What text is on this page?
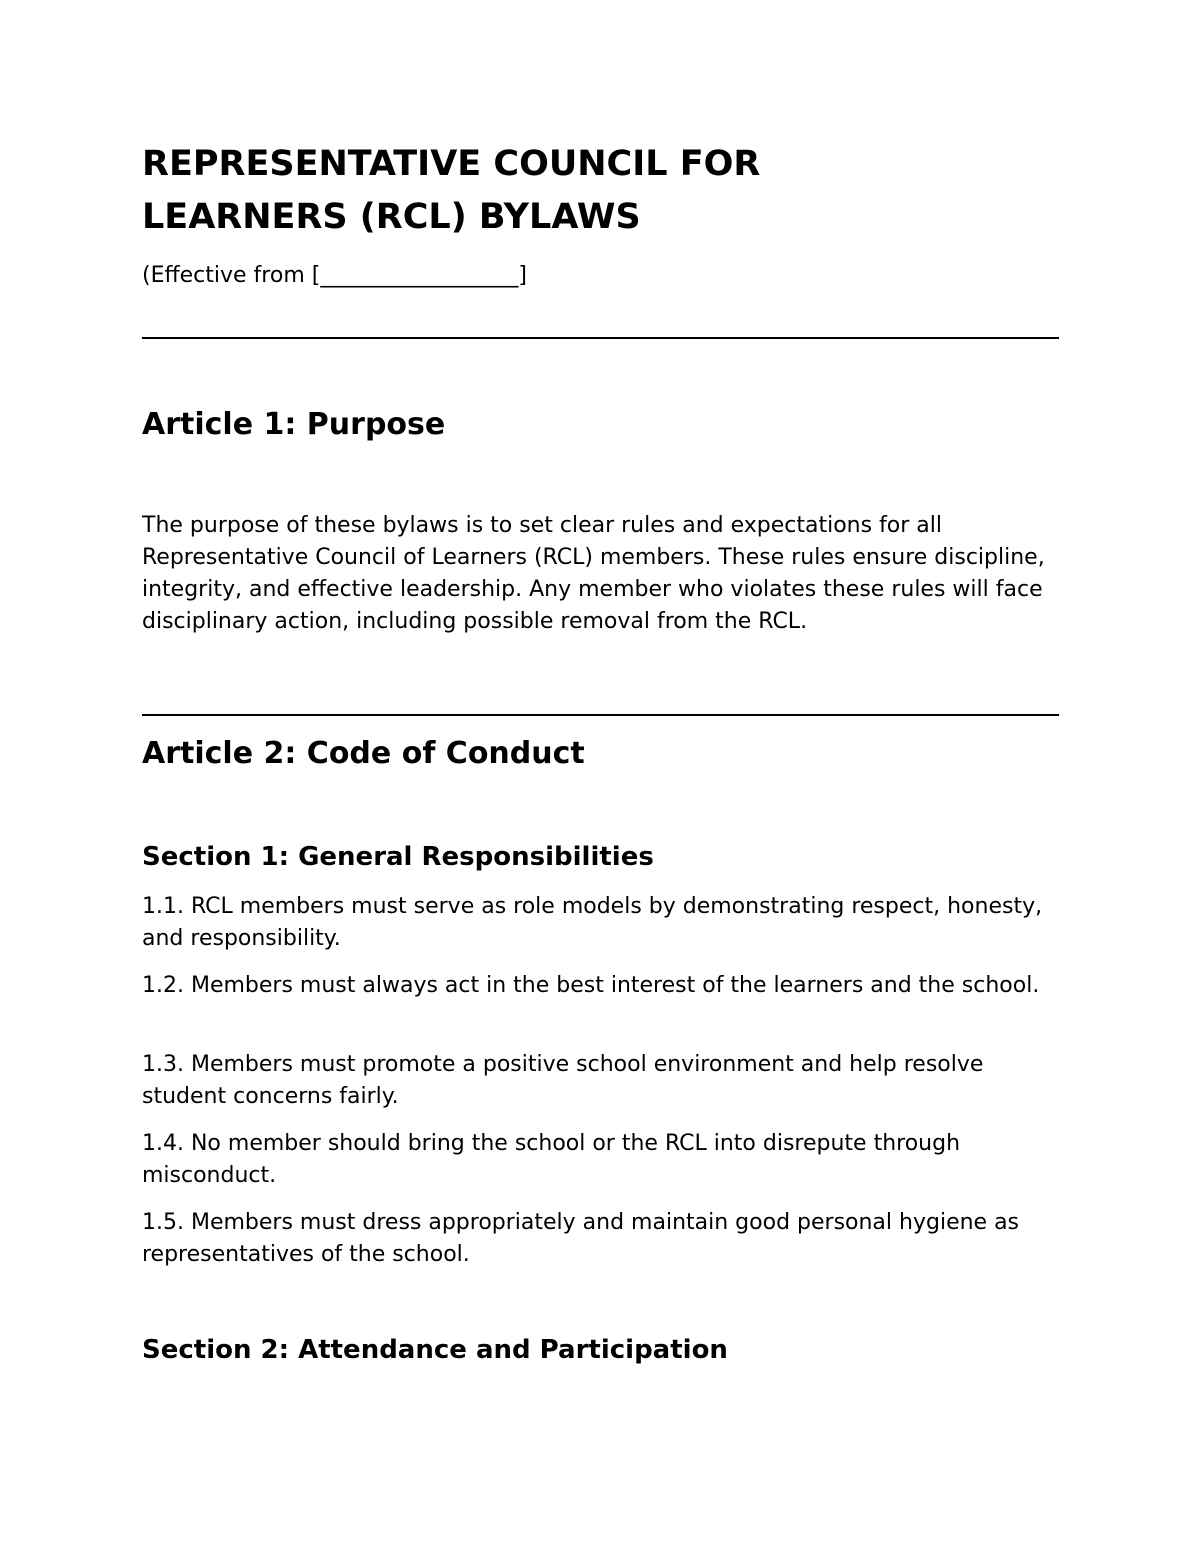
REPRESENTATIVE COUNCIL FOR
LEARNERS (RCL) BYLAWS

(Effective from [__________________]

Article 1: Purpose

The purpose of these bylaws is to set clear rules and expectations for all Representative Council of Learners (RCL) members. These rules ensure discipline, integrity, and effective leadership. Any member who violates these rules will face disciplinary action, including possible removal from the RCL.

Article 2: Code of Conduct
Section 1: General Responsibilities

1.1. RCL members must serve as role models by demonstrating respect, honesty, and responsibility.

1.2. Members must always act in the best interest of the learners and the school.

1.3. Members must promote a positive school environment and help resolve student concerns fairly.

1.4. No member should bring the school or the RCL into disrepute through misconduct.

1.5. Members must dress appropriately and maintain good personal hygiene as representatives of the school.

Section 2: Attendance and Participation
